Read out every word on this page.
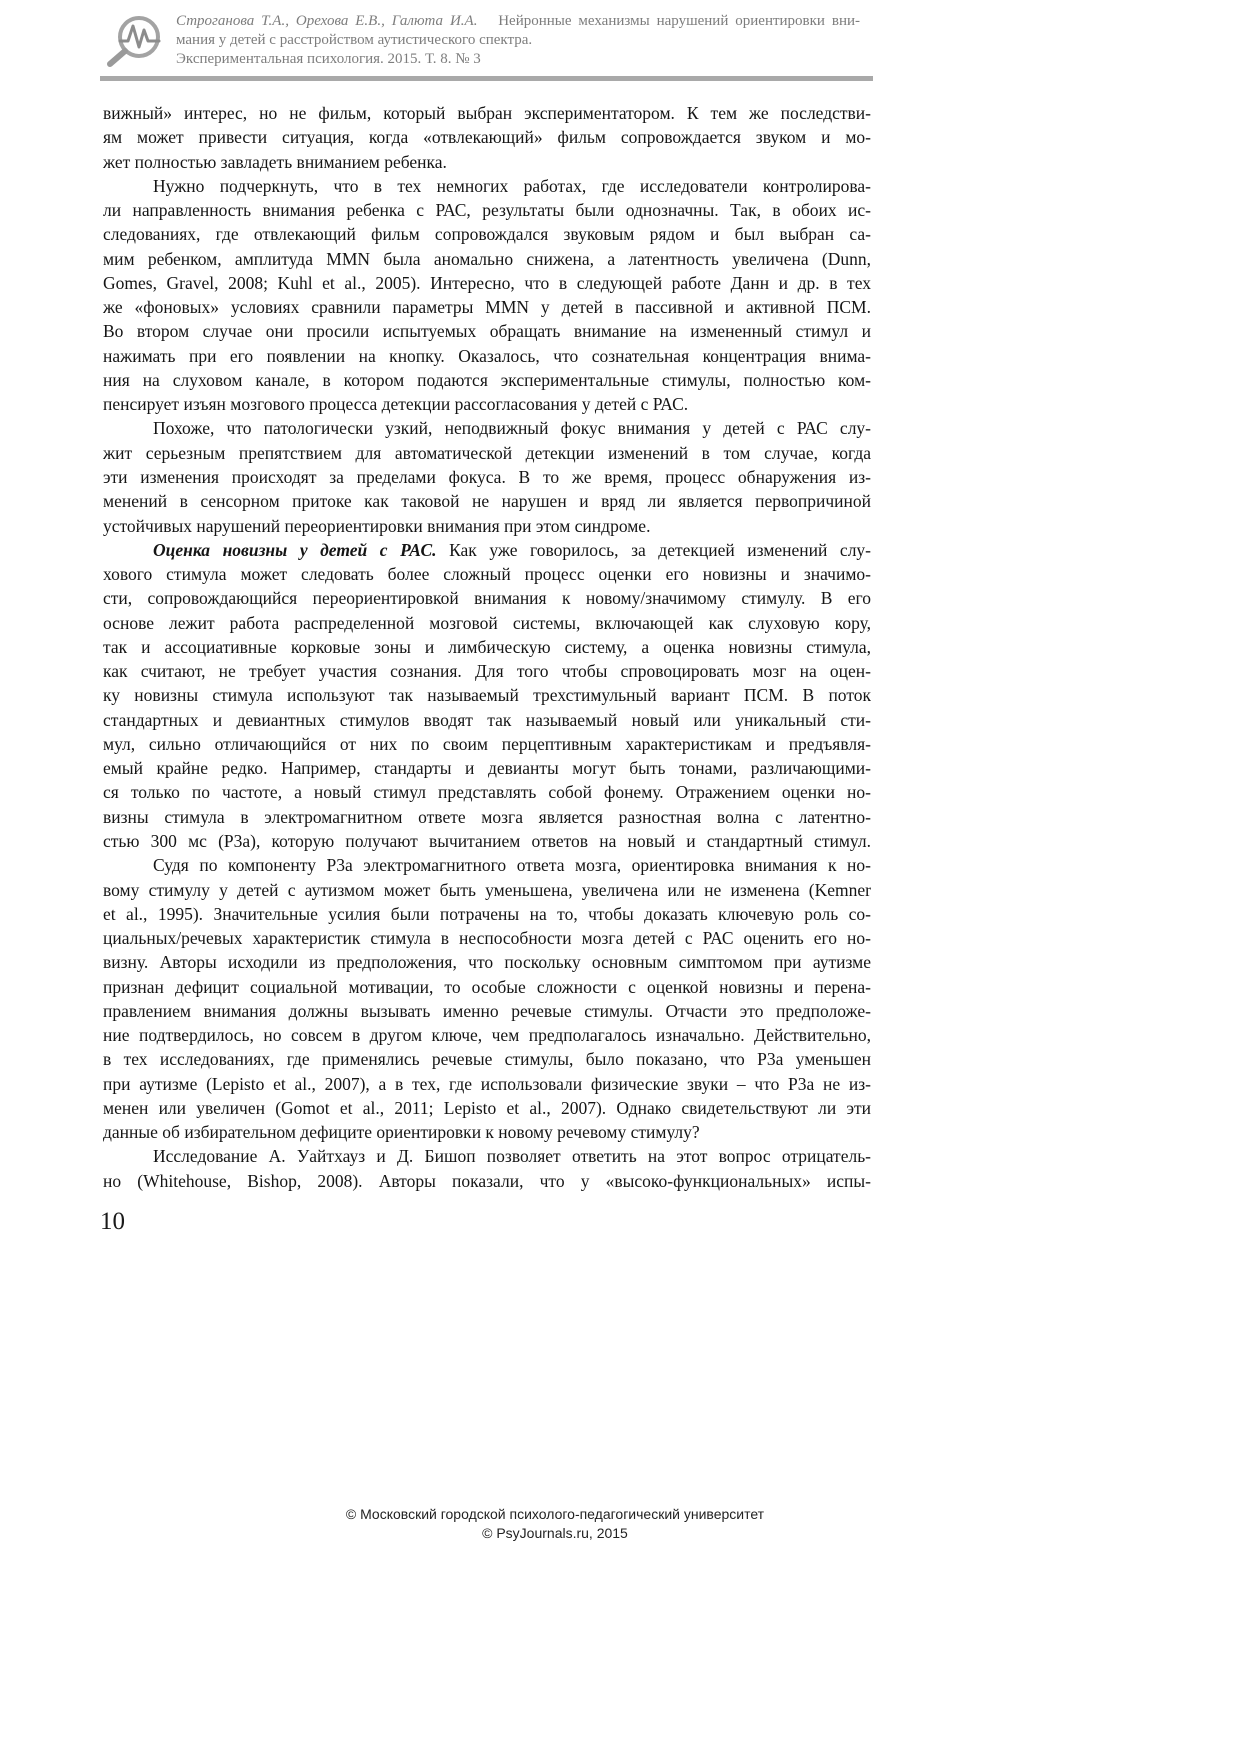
Строганова Т.А., Орехова Е.В., Галюта И.А. Нейронные механизмы нарушений ориентировки вни-
мания у детей с расстройством аутистического спектра.
Экспериментальная психология. 2015. Т. 8. № 3
вижный» интерес, но не фильм, который выбран экспериментатором. К тем же последстви-
ям может привести ситуация, когда «отвлекающий» фильм сопровождается звуком и мо-
жет полностью завладеть вниманием ребенка.
Нужно подчеркнуть, что в тех немногих работах, где исследователи контролирова-
ли направленность внимания ребенка с РАС, результаты были однозначны. Так, в обоих ис-
следованиях, где отвлекающий фильм сопровождался звуковым рядом и был выбран са-
мим ребенком, амплитуда MMN была аномально снижена, а латентность увеличена (Dunn,
Gomes, Gravel, 2008; Kuhl et al., 2005). Интересно, что в следующей работе Данн и др. в тех
же «фоновых» условиях сравнили параметры MMN у детей в пассивной и активной ПСМ.
Во втором случае они просили испытуемых обращать внимание на измененный стимул и
нажимать при его появлении на кнопку. Оказалось, что сознательная концентрация внима-
ния на слуховом канале, в котором подаются экспериментальные стимулы, полностью ком-
пенсирует изъян мозгового процесса детекции рассогласования у детей с РАС.
Похоже, что патологически узкий, неподвижный фокус внимания у детей с РАС слу-
жит серьезным препятствием для автоматической детекции изменений в том случае, когда
эти изменения происходят за пределами фокуса. В то же время, процесс обнаружения из-
менений в сенсорном притоке как таковой не нарушен и вряд ли является первопричиной
устойчивых нарушений переориентировки внимания при этом синдроме.
Оценка новизны у детей с РАС. Как уже говорилось, за детекцией изменений слу-
хового стимула может следовать более сложный процесс оценки его новизны и значимо-
сти, сопровождающийся переориентировкой внимания к новому/значимому стимулу. В его
основе лежит работа распределенной мозговой системы, включающей как слуховую кору,
так и ассоциативные корковые зоны и лимбическую систему, а оценка новизны стимула,
как считают, не требует участия сознания. Для того чтобы спровоцировать мозг на оцен-
ку новизны стимула используют так называемый трехстимульный вариант ПСМ. В поток
стандартных и девиантных стимулов вводят так называемый новый или уникальный сти-
мул, сильно отличающийся от них по своим перцептивным характеристикам и предъявля-
емый крайне редко. Например, стандарты и девианты могут быть тонами, различающими-
ся только по частоте, а новый стимул представлять собой фонему. Отражением оценки но-
визны стимула в электромагнитном ответе мозга является разностная волна с латентно-
стью 300 мс (P3a), которую получают вычитанием ответов на новый и стандартный стимул.
Судя по компоненту P3a электромагнитного ответа мозга, ориентировка внимания к но-
вому стимулу у детей с аутизмом может быть уменьшена, увеличена или не изменена (Kemner
et al., 1995). Значительные усилия были потрачены на то, чтобы доказать ключевую роль со-
циальных/речевых характеристик стимула в неспособности мозга детей с РАС оценить его но-
визну. Авторы исходили из предположения, что поскольку основным симптомом при аутизме
признан дефицит социальной мотивации, то особые сложности с оценкой новизны и перена-
правлением внимания должны вызывать именно речевые стимулы. Отчасти это предположе-
ние подтвердилось, но совсем в другом ключе, чем предполагалось изначально. Действительно,
в тех исследованиях, где применялись речевые стимулы, было показано, что P3a уменьшен
при аутизме (Lepisto et al., 2007), а в тех, где использовали физические звуки – что P3a не из-
менен или увеличен (Gomot et al., 2011; Lepisto et al., 2007). Однако свидетельствуют ли эти
данные об избирательном дефиците ориентировки к новому речевому стимулу?
Исследование А. Уайтхауз и Д. Бишоп позволяет ответить на этот вопрос отрицатель-
но (Whitehouse, Bishop, 2008). Авторы показали, что у «высоко-функциональных» испы-
10
© Московский городской психолого-педагогический университет
© PsyJournals.ru, 2015
